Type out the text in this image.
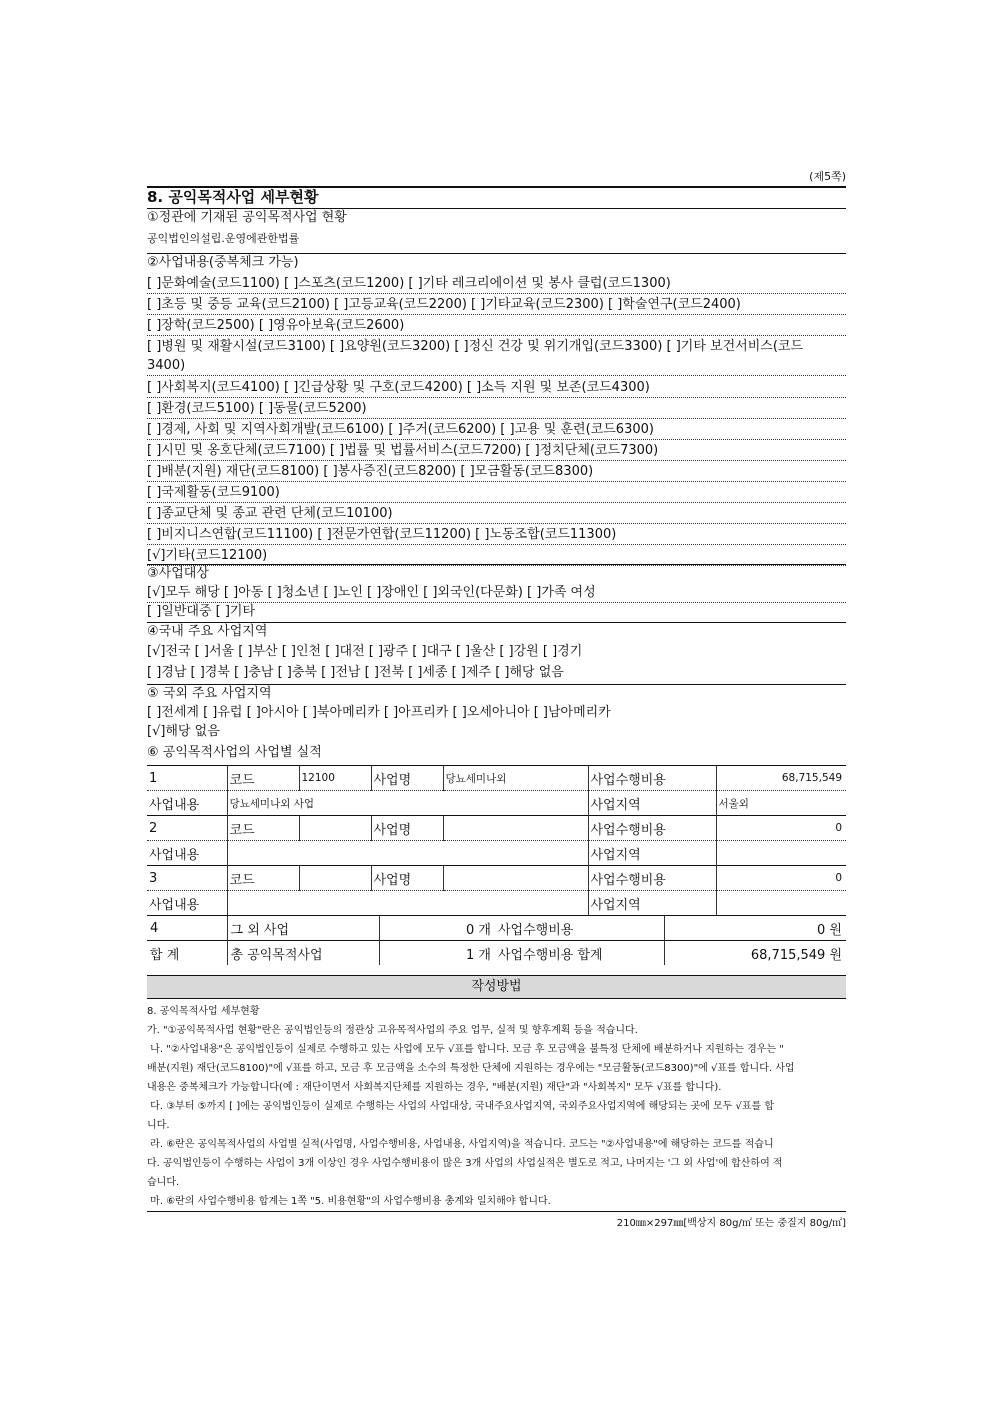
(제5쪽)
8. 공익목적사업 세부현황
①정관에 기재된 공익목적사업 현황
공익법인의설립.운영에관한법률
②사업내용(중복체크 가능)
[ ]문화예술(코드1100) [ ]스포츠(코드1200) [ ]기타 레크리에이션 및 봉사 클럽(코드1300)
[ ]초등 및 중등 교육(코드2100) [ ]고등교육(코드2200) [ ]기타교육(코드2300) [ ]학술연구(코드2400)
[ ]장학(코드2500) [ ]영유아보육(코드2600)
[ ]병원 및 재활시설(코드3100) [ ]요양원(코드3200) [ ]정신 건강 및 위기개입(코드3300) [ ]기타 보건서비스(코드
3400)
[ ]사회복지(코드4100) [ ]긴급상황 및 구호(코드4200) [ ]소득 지원 및 보존(코드4300)
[ ]환경(코드5100) [ ]동물(코드5200)
[ ]경제, 사회 및 지역사회개발(코드6100) [ ]주거(코드6200) [ ]고용 및 훈련(코드6300)
[ ]시민 및 옹호단체(코드7100) [ ]법률 및 법률서비스(코드7200) [ ]정치단체(코드7300)
[ ]배분(지원) 재단(코드8100) [ ]봉사증진(코드8200) [ ]모금활동(코드8300)
[ ]국제활동(코드9100)
[ ]종교단체 및 종교 관련 단체(코드10100)
[ ]비지니스연합(코드11100) [ ]전문가연합(코드11200) [ ]노동조합(코드11300)
[√]기타(코드12100)
③사업대상
[√]모두 해당 [ ]아동 [ ]청소년 [ ]노인 [ ]장애인 [ ]외국인(다문화) [ ]가족 여성
[ ]일반대중 [ ]기타
④국내 주요 사업지역
[√]전국 [ ]서울 [ ]부산 [ ]인천 [ ]대전 [ ]광주 [ ]대구 [ ]울산 [ ]강원 [ ]경기
[ ]경남 [ ]경북 [ ]충남 [ ]충북 [ ]전남 [ ]전북 [ ]세종 [ ]제주 [ ]해당 없음
⑤ 국외 주요 사업지역
[ ]전세계 [ ]유럽 [ ]아시아 [ ]북아메리카 [ ]아프리카 [ ]오세아니아 [ ]남아메리카
[√]해당 없음
⑥ 공익목적사업의 사업별 실적
1	코드	12100	사업명	당뇨세미나외	사업수행비용	68,715,549
사업내용	당뇨세미나외 사업				사업지역	서울외
2	코드		사업명		사업수행비용	0
사업내용					사업지역	
3	코드		사업명		사업수행비용	0
사업내용					사업지역	
4	그 외 사업	0 개	사업수행비용	0 원
합 계	총 공익목적사업	1 개	사업수행비용 합계	68,715,549 원
작성방법

8. 공익목적사업 세부현황

가. "①공익목적사업 현황"란은 공익법인등의 정관상 고유목적사업의 주요 업무, 실적 및 향후계획 등을 적습니다.

나. "②사업내용"은 공익법인등이 실제로 수행하고 있는 사업에 모두 √표를 합니다. 모금 후 모금액을 불특정 단체에 배분하거나 지원하는 경우는 "

배분(지원) 재단(코드8100)"에 √표를 하고, 모금 후 모금액을 소수의 특정한 단체에 지원하는 경우에는 "모금활동(코드8300)"에 √표를 합니다. 사업

내용은 중복체크가 가능합니다(예 : 재단이면서 사회복지단체를 지원하는 경우, "배분(지원) 재단"과 "사회복지" 모두 √표를 합니다).

다. ③부터 ⑤까지 [ ]에는 공익법인등이 실제로 수행하는 사업의 사업대상, 국내주요사업지역, 국외주요사업지역에 해당되는 곳에 모두 √표를 합

니다.

라. ⑥란은 공익목적사업의 사업별 실적(사업명, 사업수행비용, 사업내용, 사업지역)을 적습니다. 코드는 "②사업내용"에 해당하는 코드를 적습니

다. 공익법인등이 수행하는 사업이 3개 이상인 경우 사업수행비용이 많은 3개 사업의 사업실적은 별도로 적고, 나머지는 '그 외 사업'에 합산하여 적

습니다.

마. ⑥란의 사업수행비용 합계는 1쪽 "5. 비용현황"의 사업수행비용 총계와 일치해야 합니다.

210㎜×297㎜[백상지 80g/㎡ 또는 중질지 80g/㎡]
